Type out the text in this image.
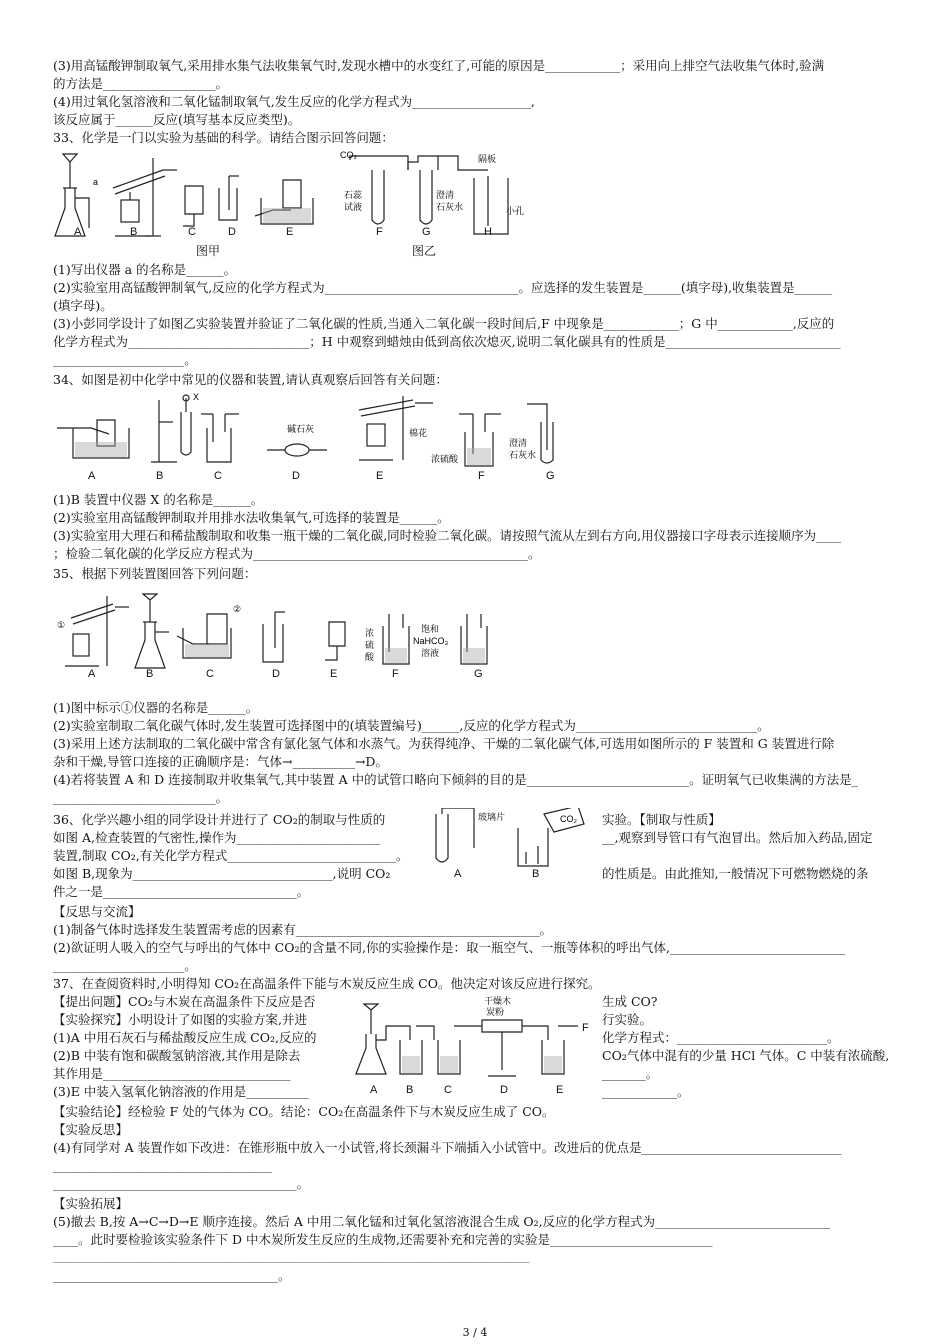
(3)用高锰酸钾制取氧气,采用排水集气法收集氧气时,发现水槽中的水变红了,可能的原因是____________；采用向上排空气法收集气体时,验满
的方法是__________________。
(4)用过氧化氢溶液和二氧化锰制取氧气,发生反应的化学方程式为___________________,
该反应属于______反应(填写基本反应类型)。
33、化学是一门以实验为基础的科学。请结合图示回答问题：
a
CO₂
石蕊
试液
澄清
石灰水
隔板
小孔
A	B	C	D	E	F	G	H
图甲	图乙
(1)写出仪器 a 的名称是______。
(2)实验室用高锰酸钾制氧气,反应的化学方程式为_______________________________。应选择的发生装置是______(填字母),收集装置是______
(填字母)。
(3)小彭同学设计了如图乙实验装置并验证了二氧化碳的性质,当通入二氧化碳一段时间后,F 中现象是____________；G 中____________,反应的
化学方程式为_____________________________；H 中观察到蜡烛由低到高依次熄灭,说明二氧化碳具有的性质是____________________________
_____________________。
34、如图是初中化学中常见的仪器和装置,请认真观察后回答有关问题：
X
碱石灰	棉花
浓硫酸
澄清
石灰水
A	B	C	D	E	F	G
(1)B 装置中仪器 X 的名称是______。
(2)实验室用高锰酸钾制取并用排水法收集氧气,可选择的装置是______。
(3)实验室用大理石和稀盐酸制取和收集一瓶干燥的二氧化碳,同时检验二氧化碳。请按照气流从左到右方向,用仪器接口字母表示连接顺序为____
；检验二氧化碳的化学反应方程式为____________________________________________。
35、根据下列装置图回答下列问题：
①
②
浓
硫
酸
饱和
NaHCO₃
溶液
A	B	C	D	E	F	G
(1)图中标示①仪器的名称是______。
(2)实验室制取二氧化碳气体时,发生装置可选择图中的(填装置编号)______,反应的化学方程式为_____________________________。
(3)采用上述方法制取的二氧化碳中常含有氯化氢气体和水蒸气。为获得纯净、干燥的二氧化碳气体,可选用如图所示的 F 装置和 G 装置进行除
杂和干燥,导管口连接的正确顺序是：气体→__________→D。
(4)若将装置 A 和 D 连接制取并收集氧气,其中装置 A 中的试管口略向下倾斜的目的是__________________________。证明氧气已收集满的方法是_
__________________________。
36、化学兴趣小组的同学设计并进行了 CO₂的制取与性质的	实验。【制取与性质】
如图 A,检查装置的气密性,操作为_______________________	__,观察到导管口有气泡冒出。然后加入药品,固定
装置,制取 CO₂,有关化学方程式___________________________。
如图 B,现象为________________________________,说明 CO₂	的性质是。由此推知,一般情况下可燃物燃烧的条
件之一是_______________________________。
玻璃片	CO₂
A	B
【反思与交流】
(1)制备气体时选择发生装置需考虑的因素有_______________________________________。
(2)欲证明人吸入的空气与呼出的气体中 CO₂的含量不同,你的实验操作是：取一瓶空气、一瓶等体积的呼出气体,____________________________
_____________________。
37、在查阅资料时,小明得知 CO₂在高温条件下能与木炭反应生成 CO。他决定对该反应进行探究。
【提出问题】CO₂与木炭在高温条件下反应是否	生成 CO?
【实验探究】小明设计了如图的实验方案,并进	行实验。
(1)A 中用石灰石与稀盐酸反应生成 CO₂,反应的	化学方程式：________________________。
(2)B 中装有饱和碳酸氢钠溶液,其作用是除去	CO₂气体中混有的少量 HCl 气体。C 中装有浓硫酸,
其作用是______________________________	_______。
(3)E 中装入氢氧化钠溶液的作用是__________	____________。
干燥木
炭粉
A	B	C	D	E
F
【实验结论】经检验 F 处的气体为 CO。结论：CO₂在高温条件下与木炭反应生成了 CO。
【实验反思】
(4)有同学对 A 装置作如下改进：在锥形瓶中放入一小试管,将长颈漏斗下端插入小试管中。改进后的优点是________________________________
___________________________________
_______________________________________。
【实验拓展】
(5)撤去 B,按 A→C→D→E 顺序连接。然后 A 中用二氧化锰和过氧化氢溶液混合生成 O₂,反应的化学方程式为____________________________
____。此时要检验该实验条件下 D 中木炭所发生反应的生成物,还需要补充和完善的实验是__________________________
___________________________________________________________________________________________________________
____________________________________。
3 / 4
